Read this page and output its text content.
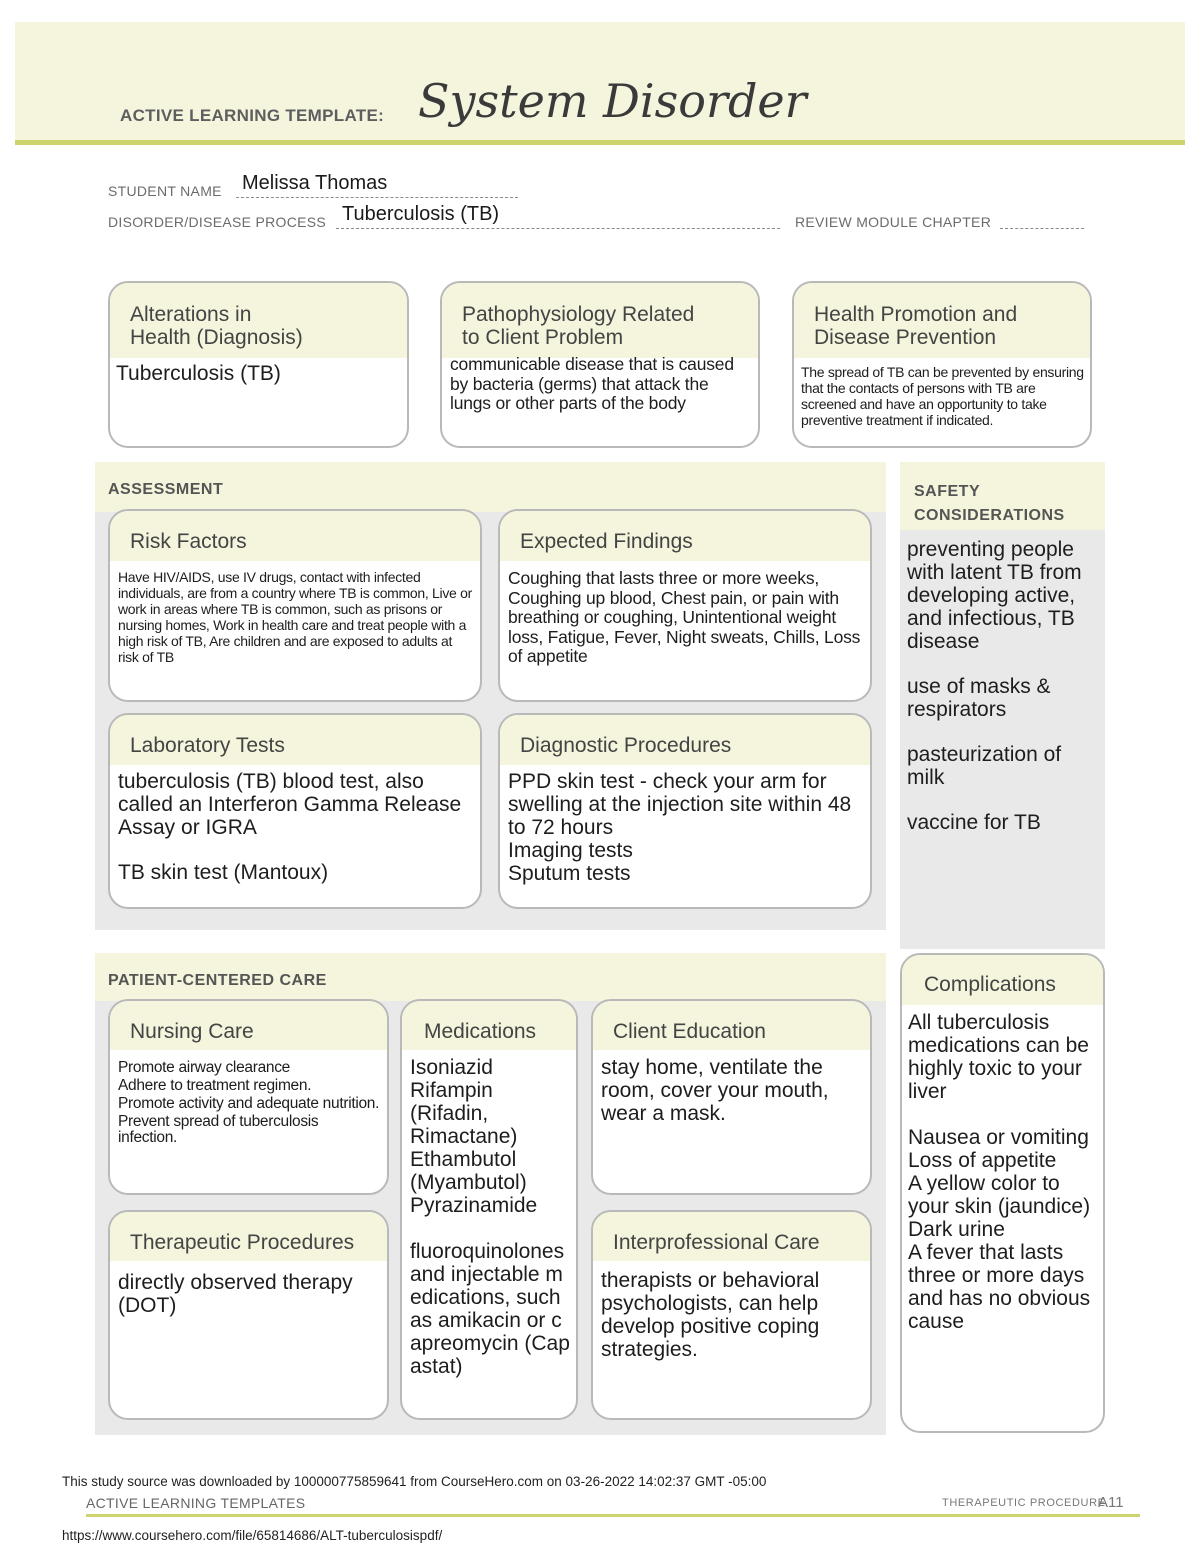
ACTIVE LEARNING TEMPLATE: System Disorder
STUDENT NAME Melissa Thomas
DISORDER/DISEASE PROCESS Tuberculosis (TB)	REVIEW MODULE CHAPTER
Alterations in
Health (Diagnosis)
Tuberculosis (TB)
Pathophysiology Related
to Client Problem
communicable disease that is caused by bacteria (germs) that attack the lungs or other parts of the body
Health Promotion and
Disease Prevention
The spread of TB can be prevented by ensuring that the contacts of persons with TB are screened and have an opportunity to take preventive treatment if indicated.
ASSESSMENT
Risk Factors
Have HIV/AIDS, use IV drugs, contact with infected individuals, are from a country where TB is common, Live or work in areas where TB is common, such as prisons or nursing homes, Work in health care and treat people with a high risk of TB, Are children and are exposed to adults at risk of TB
Expected Findings
Coughing that lasts three or more weeks, Coughing up blood, Chest pain, or pain with breathing or coughing, Unintentional weight loss, Fatigue, Fever, Night sweats, Chills, Loss of appetite
Laboratory Tests
tuberculosis (TB) blood test, also called an Interferon Gamma Release Assay or IGRA
TB skin test (Mantoux)
Diagnostic Procedures
PPD skin test - check your arm for swelling at the injection site within 48 to 72 hours
Imaging tests
Sputum tests
SAFETY
CONSIDERATIONS
preventing people with latent TB from developing active, and infectious, TB disease
use of masks & respirators
pasteurization of milk
vaccine for TB
Complications
All tuberculosis medications can be highly toxic to your liver
Nausea or vomiting
Loss of appetite
A yellow color to your skin (jaundice)
Dark urine
A fever that lasts three or more days and has no obvious cause
PATIENT-CENTERED CARE
Nursing Care
Promote airway clearance
Adhere to treatment regimen.
Promote activity and adequate nutrition.
Prevent spread of tuberculosis infection.
Medications
Isoniazid
Rifampin (Rifadin, Rimactane)
Ethambutol (Myambutol)
Pyrazinamide
fluoroquinolones and injectable medications, such as amikacin or capreomycin (Capastat)
Client Education
stay home, ventilate the room, cover your mouth, wear a mask.
Therapeutic Procedures
directly observed therapy (DOT)
Interprofessional Care
therapists or behavioral psychologists, can help develop positive coping strategies.
This study source was downloaded by 100000775859641 from CourseHero.com on 03-26-2022 14:02:37 GMT -05:00
ACTIVE LEARNING TEMPLATES	THERAPEUTIC PROCEDURE
A11
https://www.coursehero.com/file/65814686/ALT-tuberculosispdf/
